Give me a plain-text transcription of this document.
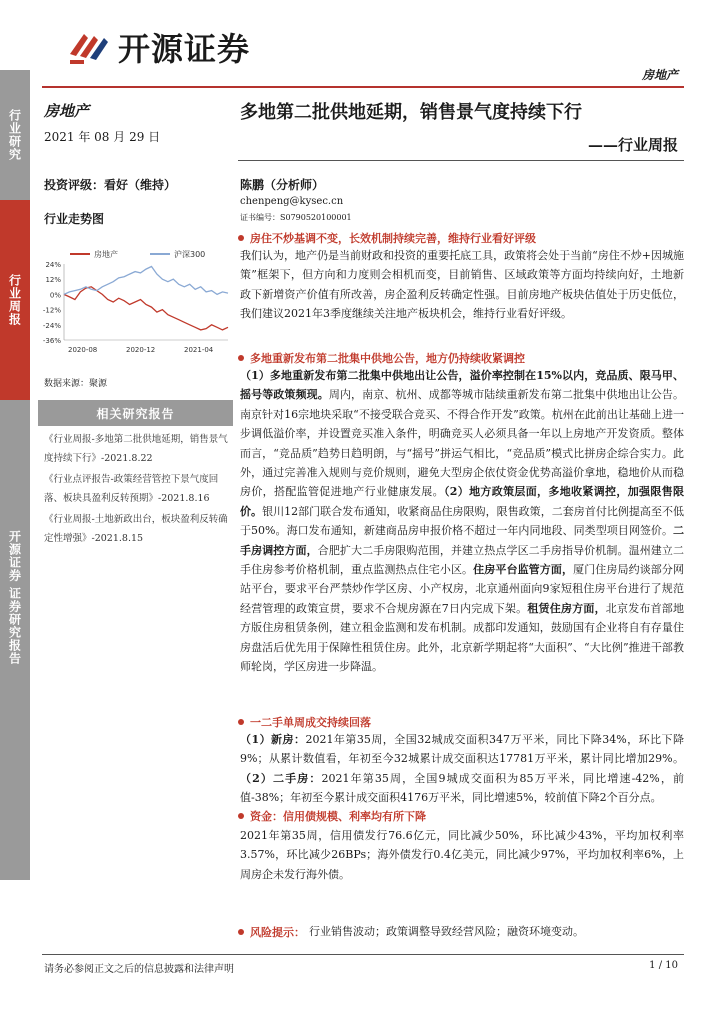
开源证券
房地产
行业研究
行业周报
开源证券 证券研究报告
房地产
2021 年 08 月 29 日
投资评级：看好（维持）
行业走势图
房地产	沪深300
24%
12%
0%
-12%
-24%
-36%
2020-08	2020-12	2021-04
数据来源：聚源
相关研究报告

《行业周报-多地第二批供地延期，销售景气度持续下行》-2021.8.22

《行业点评报告-政策经营管控下景气度回落、板块具盈利反转预期》-2021.8.16

《行业周报-土地新政出台，板块盈利反转确定性增强》-2021.8.15

多地第二批供地延期，销售景气度持续下行
——行业周报
陈鹏（分析师）
chenpeng@kysec.cn
证书编号：S0790520100001
房住不炒基调不变，长效机制持续完善，维持行业看好评级
我们认为，地产仍是当前财政和投资的重要托底工具，政策将会处于当前“房住不炒+因城施策”框架下，但方向和力度则会相机而变，目前销售、区域政策等方面均持续向好，土地新政下新增资产价值有所改善，房企盈利反转确定性强。目前房地产板块估值处于历史低位，我们建议2021年3季度继续关注地产板块机会，维持行业看好评级。
多地重新发布第二批集中供地公告，地方仍持续收紧调控
（1）多地重新发布第二批集中供地出让公告，溢价率控制在15%以内，竞品质、限马甲、摇号等政策频现。周内，南京、杭州、成都等城市陆续重新发布第二批集中供地出让公告。南京针对16宗地块采取“不接受联合竞买、不得合作开发”政策。杭州在此前出让基础上进一步调低溢价率，并设置竞买准入条件，明确竞买人必须具备一年以上房地产开发资质。整体而言，“竞品质”趋势日趋明朗，与“摇号”拼运气相比，“竞品质”模式比拼房企综合实力。此外，通过完善准入规则与竞价规则，避免大型房企依仗资金优势高溢价拿地，稳地价从而稳房价，搭配监管促进地产行业健康发展。（2）地方政策层面，多地收紧调控，加强限售限价。银川12部门联合发布通知，收紧商品住房限购，限售政策，二套房首付比例提高至不低于50%。海口发布通知，新建商品房申报价格不超过一年内同地段、同类型项目网签价。二手房调控方面，合肥扩大二手房限购范围，并建立热点学区二手房指导价机制。温州建立二手住房参考价格机制，重点监测热点住宅小区。住房平台监管方面，厦门住房局约谈部分网站平台，要求平台严禁炒作学区房、小产权房，北京通州面向9家短租住房平台进行了规范经营管理的政策宣贯，要求不合规房源在7日内完成下架。租赁住房方面，北京发布首部地方版住房租赁条例，建立租金监测和发布机制。成都印发通知，鼓励国有企业将自有存量住房盘活后优先用于保障性租赁住房。此外，北京新学期起将“大面积”、“大比例”推进干部教师轮岗，学区房进一步降温。
一二手单周成交持续回落
（1）新房：2021年第35周，全国32城成交面积347万平米，同比下降34%，环比下降9%；从累计数值看，年初至今32城累计成交面积达17781万平米，累计同比增加29%。（2）二手房：2021年第35周，全国9城成交面积为85万平米，同比增速-42%，前值-38%；年初至今累计成交面积4176万平米，同比增速5%，较前值下降2个百分点。
资金：信用债规模、利率均有所下降
2021年第35周，信用债发行76.6亿元，同比减少50%，环比减少43%，平均加权利率3.57%，环比减少26BPs；海外债发行0.4亿美元，同比减少97%，平均加权利率6%，上周房企未发行海外债。
风险提示： 行业销售波动；政策调整导致经营风险；融资环境变动。
请务必参阅正文之后的信息披露和法律声明	1 / 10
